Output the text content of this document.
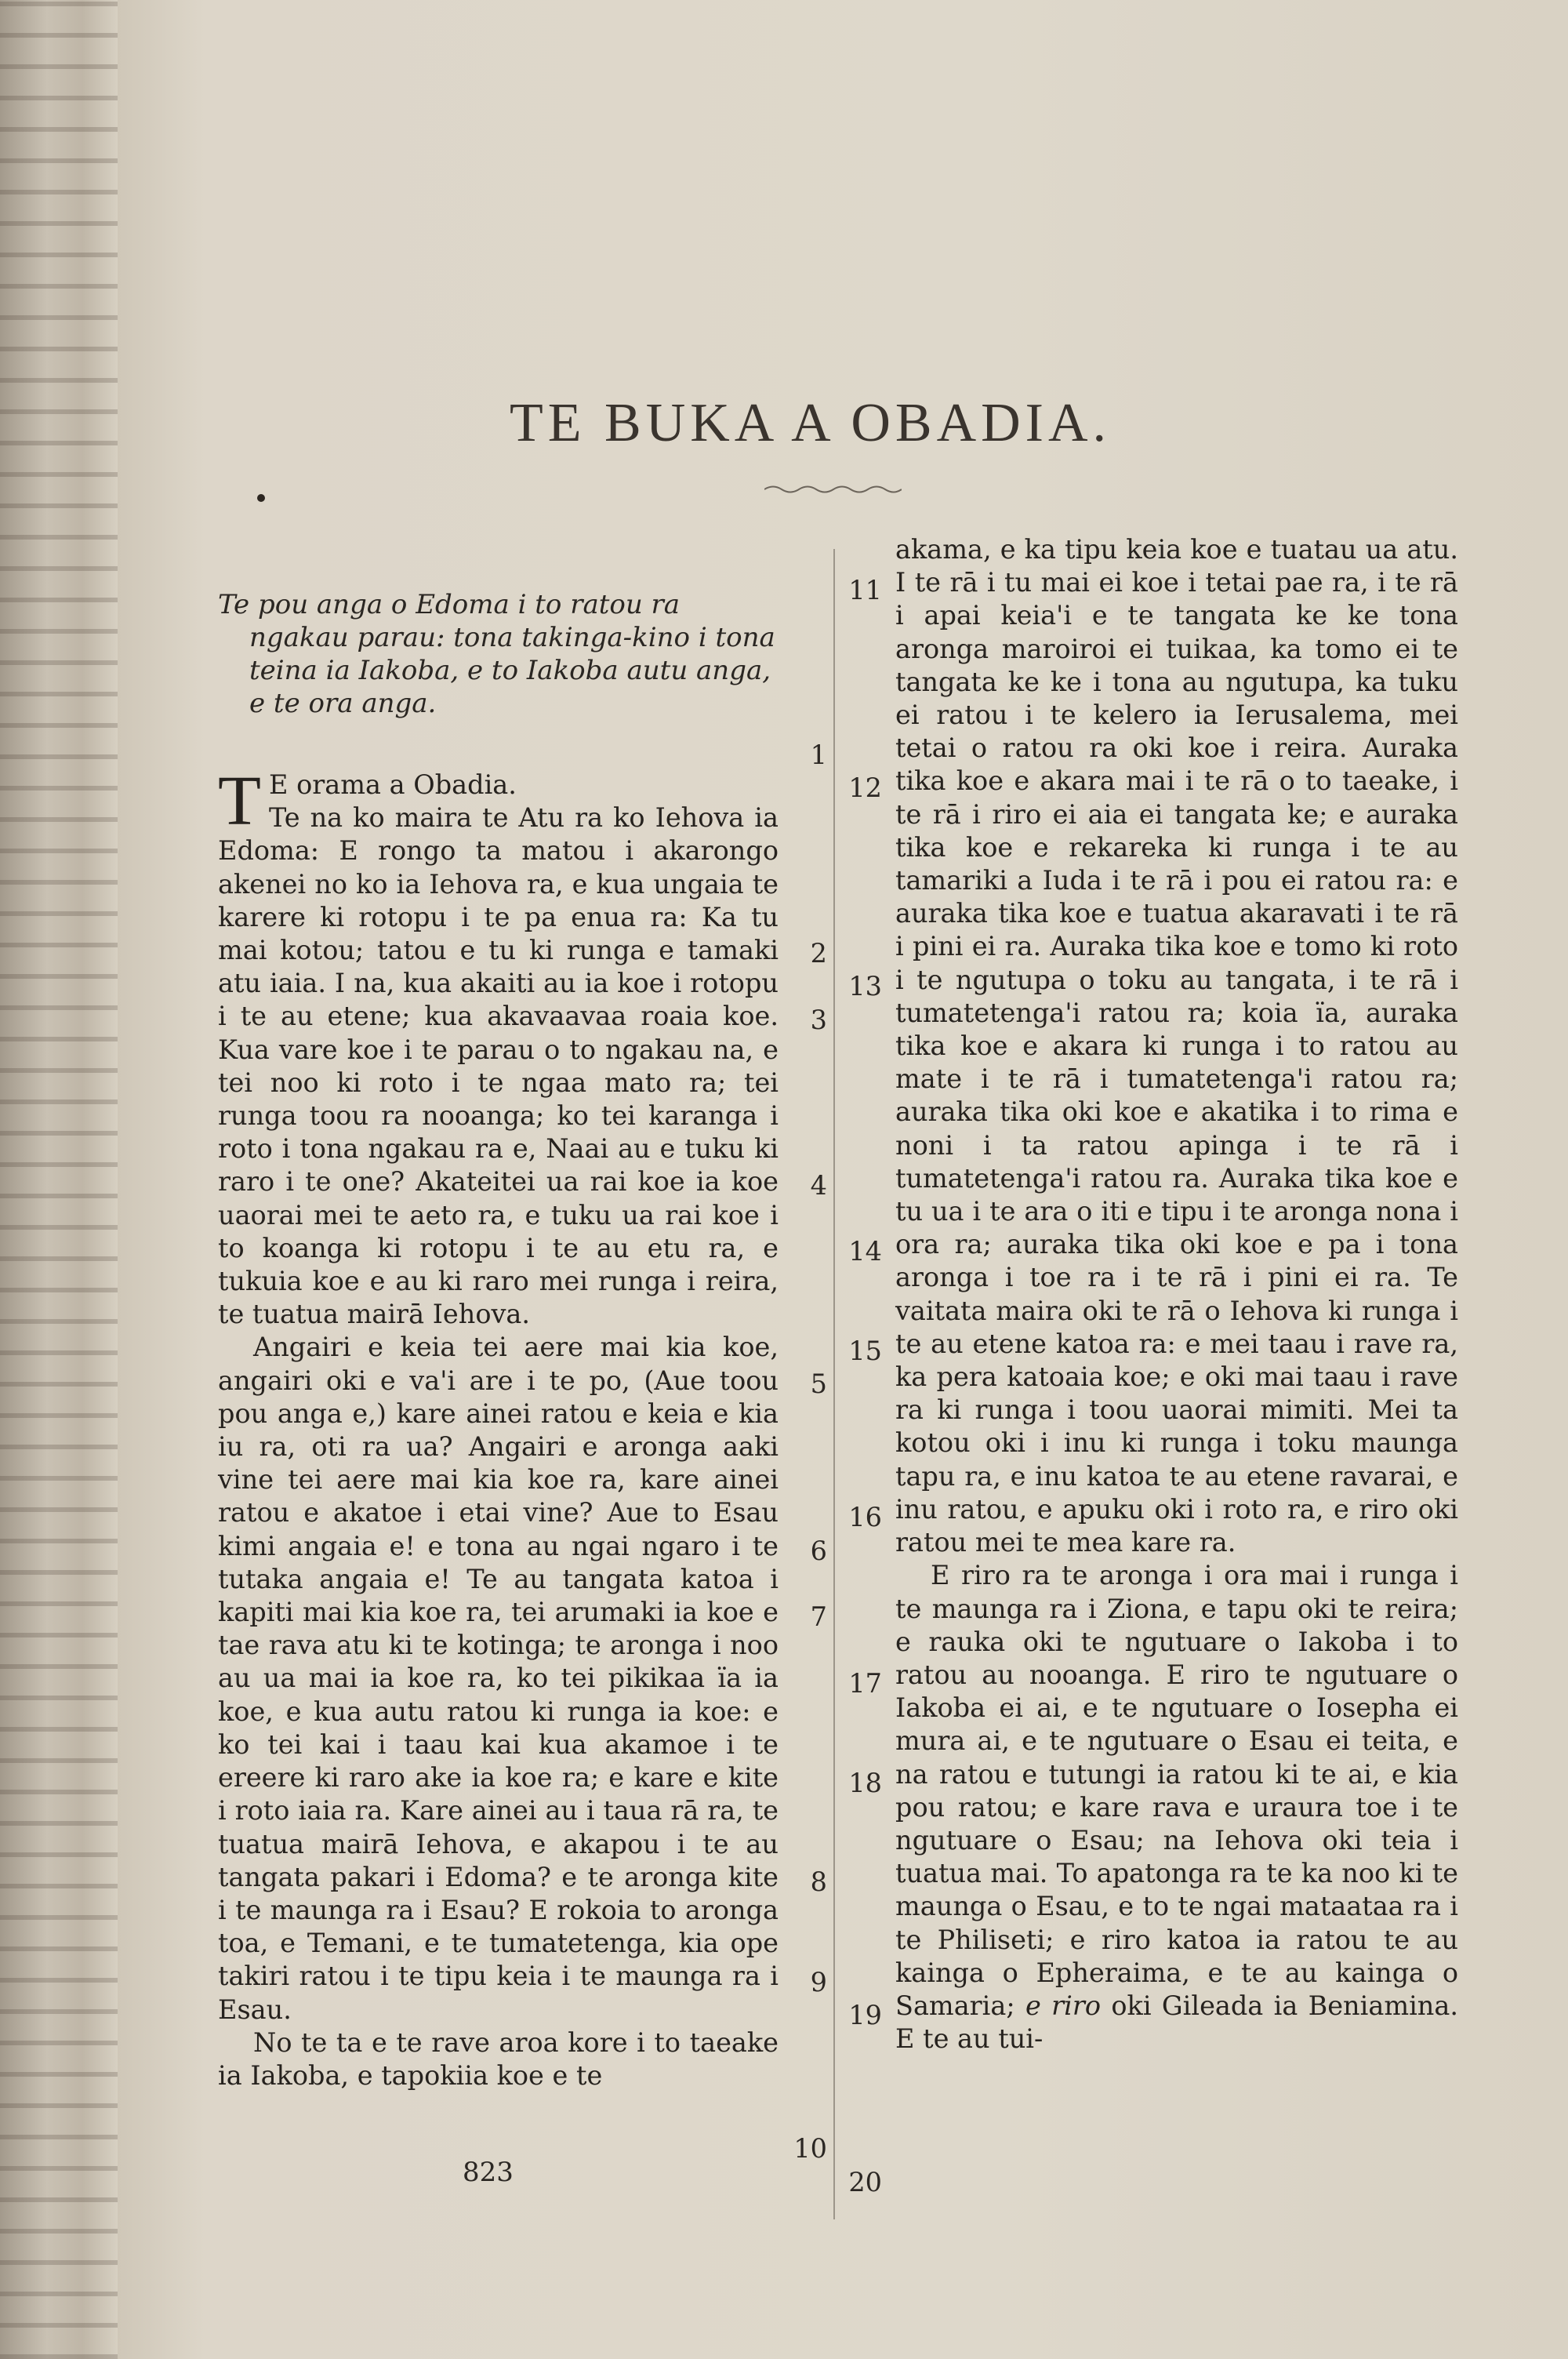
TE BUKA A OBADIA.

Te pou anga o Edoma i to ratou ra ngakau parau: tona takinga-kino i tona teina ia Iakoba, e to Iakoba autu anga, e te ora anga.

T E orama a Obadia.
Te na ko maira te Atu ra ko Iehova ia Edoma: E rongo ta matou i akarongo akenei no ko ia Iehova ra, e kua ungaia te karere ki rotopu i te pa enua ra: Ka tu mai kotou; tatou e tu ki runga e tamaki atu iaia. I na, kua akaiti au ia koe i rotopu i te au etene; kua akavaavaa roaia koe. Kua vare koe i te parau o to ngakau na, e tei noo ki roto i te ngaa mato ra; tei runga toou ra nooanga; ko tei karanga i roto i tona ngakau ra e, Naai au e tuku ki raro i te one? Akateitei ua rai koe ia koe uaorai mei te aeto ra, e tuku ua rai koe i to koanga ki rotopu i te au etu ra, e tukuia koe e au ki raro mei runga i reira, te tuatua mairā Iehova.

Angairi e keia tei aere mai kia koe, angairi oki e va'i are i te po, (Aue toou pou anga e,) kare ainei ratou e keia e kia iu ra, oti ra ua? Angairi e aronga aaki vine tei aere mai kia koe ra, kare ainei ratou e akatoe i etai vine? Aue to Esau kimi angaia e! e tona au ngai ngaro i te tutaka angaia e! Te au tangata katoa i kapiti mai kia koe ra, tei arumaki ia koe e tae rava atu ki te kotinga; te aronga i noo au ua mai ia koe ra, ko tei pikikaa ïa ia koe, e kua autu ratou ki runga ia koe: e ko tei kai i taau kai kua akamoe i te ereere ki raro ake ia koe ra; e kare e kite i roto iaia ra. Kare ainei au i taua rā ra, te tuatua mairā Iehova, e akapou i te au tangata pakari i Edoma? e te aronga kite i te maunga ra i Esau? E rokoia to aronga toa, e Temani, e te tumatetenga, kia ope takiri ratou i te tipu keia i te maunga ra i Esau.

No te ta e te rave aroa kore i to taeake ia Iakoba, e tapokiia koe e te

akama, e ka tipu keia koe e tuatau ua atu. I te rā i tu mai ei koe i tetai pae ra, i te rā i apai keia'i e te tangata ke ke tona aronga maroiroi ei tuikaa, ka tomo ei te tangata ke ke i tona au ngutupa, ka tuku ei ratou i te kelero ia Ierusalema, mei tetai o ratou ra oki koe i reira. Auraka tika koe e akara mai i te rā o to taeake, i te rā i riro ei aia ei tangata ke; e auraka tika koe e rekareka ki runga i te au tamariki a Iuda i te rā i pou ei ratou ra: e auraka tika koe e tuatua akaravati i te rā i pini ei ra. Auraka tika koe e tomo ki roto i te ngutupa o toku au tangata, i te rā i tumatetenga'i ratou ra; koia ïa, auraka tika koe e akara ki runga i to ratou au mate i te rā i tumatetenga'i ratou ra; auraka tika oki koe e akatika i to rima e noni i ta ratou apinga i te rā i tumatetenga'i ratou ra. Auraka tika koe e tu ua i te ara o iti e tipu i te aronga nona i ora ra; auraka tika oki koe e pa i tona aronga i toe ra i te rā i pini ei ra. Te vaitata maira oki te rā o Iehova ki runga i te au etene katoa ra: e mei taau i rave ra, ka pera katoaia koe; e oki mai taau i rave ra ki runga i toou uaorai mimiti. Mei ta kotou oki i inu ki runga i toku maunga tapu ra, e inu katoa te au etene ravarai, e inu ratou, e apuku oki i roto ra, e riro oki ratou mei te mea kare ra.

E riro ra te aronga i ora mai i runga i te maunga ra i Ziona, e tapu oki te reira; e rauka oki te ngutuare o Iakoba i to ratou au nooanga. E riro te ngutuare o Iakoba ei ai, e te ngutuare o Iosepha ei mura ai, e te ngutuare o Esau ei teita, e na ratou e tutungi ia ratou ki te ai, e kia pou ratou; e kare rava e uraura toe i te ngutuare o Esau; na Iehova oki teia i tuatua mai. To apatonga ra te ka noo ki te maunga o Esau, e to te ngai mataataa ra i te Philiseti; e riro katoa ia ratou te au kainga o Epheraima, e te au kainga o Samaria; e riro oki Gileada ia Beniamina. E te au tui-

1
2
3
4
5
6
7
8
9
10
11
12
13
14
15
16
17
18
19
20
823
